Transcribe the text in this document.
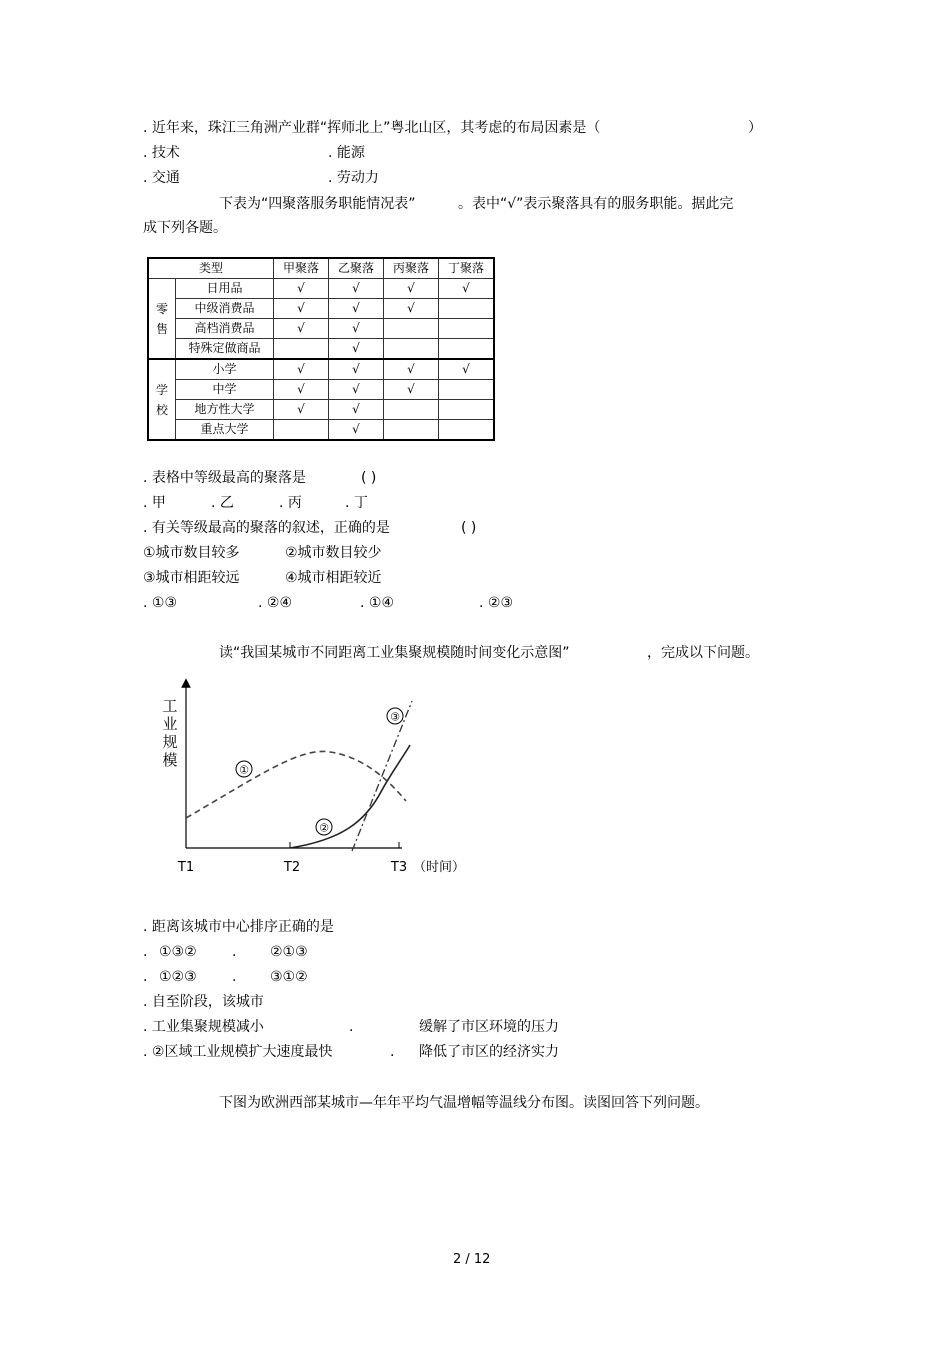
. 近年来，珠江三角洲产业群“挥师北上”粤北山区，其考虑的布局因素是（	）
. 技术	. 能源
. 交通	. 劳动力
下表为“四聚落服务职能情况表”	。表中“√”表示聚落具有的服务职能。据此完
成下列各题。
类型		甲聚落	乙聚落	丙聚落	丁聚落
零售	日用品	√	√	√	√
	中级消费品	√	√	√	
	高档消费品	√	√		
	特殊定做商品		√		
学校	小学	√	√	√	√
	中学	√	√	√	
	地方性大学	√	√		
	重点大学		√		
. 表格中等级最高的聚落是	( )
. 甲	. 乙	. 丙	. 丁
. 有关等级最高的聚落的叙述，正确的是	( )
①城市数目较多	②城市数目较少
③城市相距较远	④城市相距较近
. ①③	. ②④	. ①④	. ②③
读“我国某城市不同距离工业集聚规模随时间变化示意图”	，完成以下问题。
工
业
规
模
T1	T2	T3 （时间）
①
②
③
. 距离该城市中心排序正确的是
. ①③②	. ②①③
. ①②③	. ③①②
. 自至阶段，该城市
. 工业集聚规模减小	.	缓解了市区环境的压力
. ②区域工业规模扩大速度最快	. 降低了市区的经济实力
下图为欧洲西部某城市—年年平均气温增幅等温线分布图。读图回答下列问题。
2 / 12
